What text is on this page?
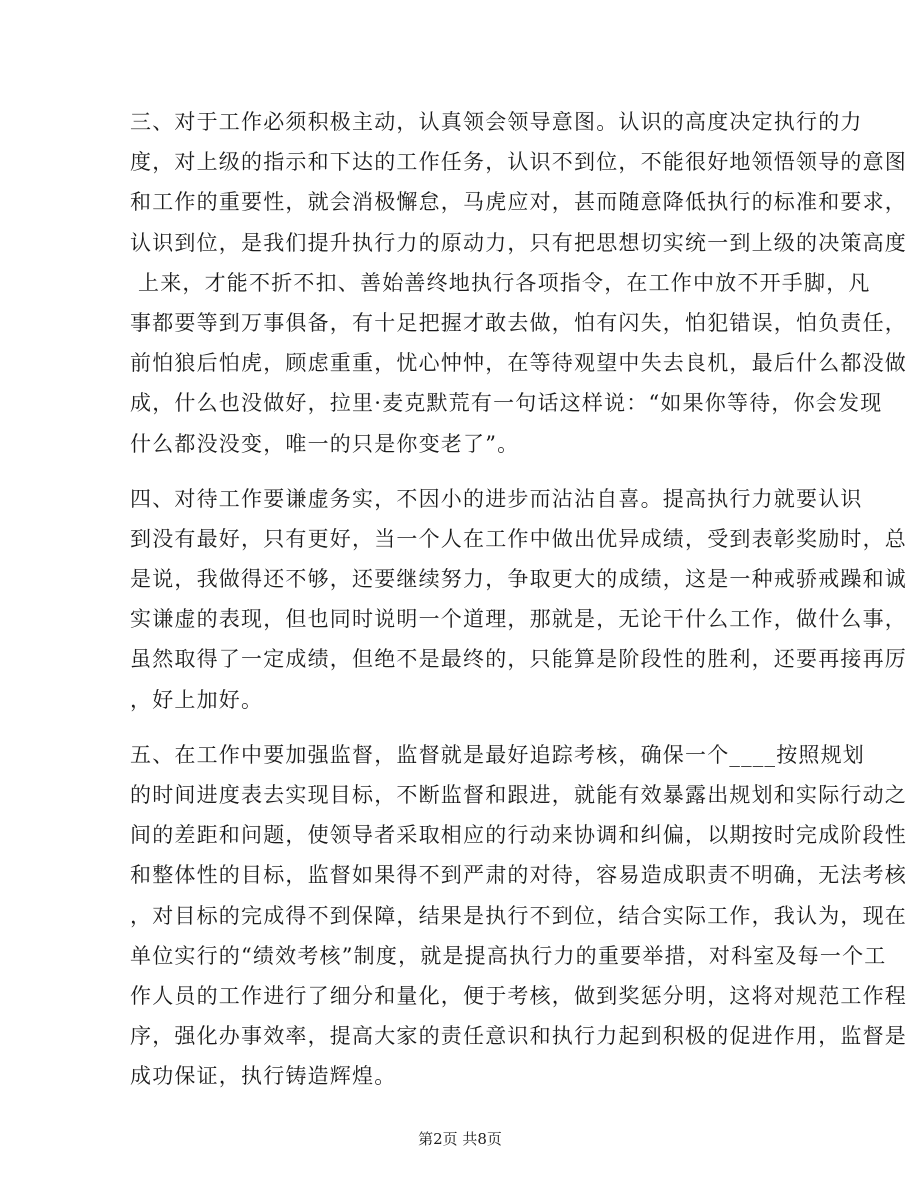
三、对于工作必须积极主动，认真领会领导意图。认识的高度决定执行的力
度，对上级的指示和下达的工作任务，认识不到位，不能很好地领悟领导的意图
和工作的重要性，就会消极懈怠，马虎应对，甚而随意降低执行的标准和要求，
认识到位，是我们提升执行力的原动力，只有把思想切实统一到上级的决策高度
上来，才能不折不扣、善始善终地执行各项指令，在工作中放不开手脚，凡
事都要等到万事俱备，有十足把握才敢去做，怕有闪失，怕犯错误，怕负责任，
前怕狼后怕虎，顾虑重重，忧心忡忡，在等待观望中失去良机，最后什么都没做
成，什么也没做好，拉里·麦克默荒有一句话这样说：“如果你等待，你会发现
什么都没没变，唯一的只是你变老了”。
四、对待工作要谦虚务实，不因小的进步而沾沾自喜。提高执行力就要认识
到没有最好，只有更好，当一个人在工作中做出优异成绩，受到表彰奖励时，总
是说，我做得还不够，还要继续努力，争取更大的成绩，这是一种戒骄戒躁和诚
实谦虚的表现，但也同时说明一个道理，那就是，无论干什么工作，做什么事，
虽然取得了一定成绩，但绝不是最终的，只能算是阶段性的胜利，还要再接再厉
，好上加好。
五、在工作中要加强监督，监督就是最好追踪考核，确保一个____按照规划
的时间进度表去实现目标，不断监督和跟进，就能有效暴露出规划和实际行动之
间的差距和问题，使领导者采取相应的行动来协调和纠偏，以期按时完成阶段性
和整体性的目标，监督如果得不到严肃的对待，容易造成职责不明确，无法考核
，对目标的完成得不到保障，结果是执行不到位，结合实际工作，我认为，现在
单位实行的“绩效考核”制度，就是提高执行力的重要举措，对科室及每一个工
作人员的工作进行了细分和量化，便于考核，做到奖惩分明，这将对规范工作程
序，强化办事效率，提高大家的责任意识和执行力起到积极的促进作用，监督是
成功保证，执行铸造辉煌。
第2页 共8页
